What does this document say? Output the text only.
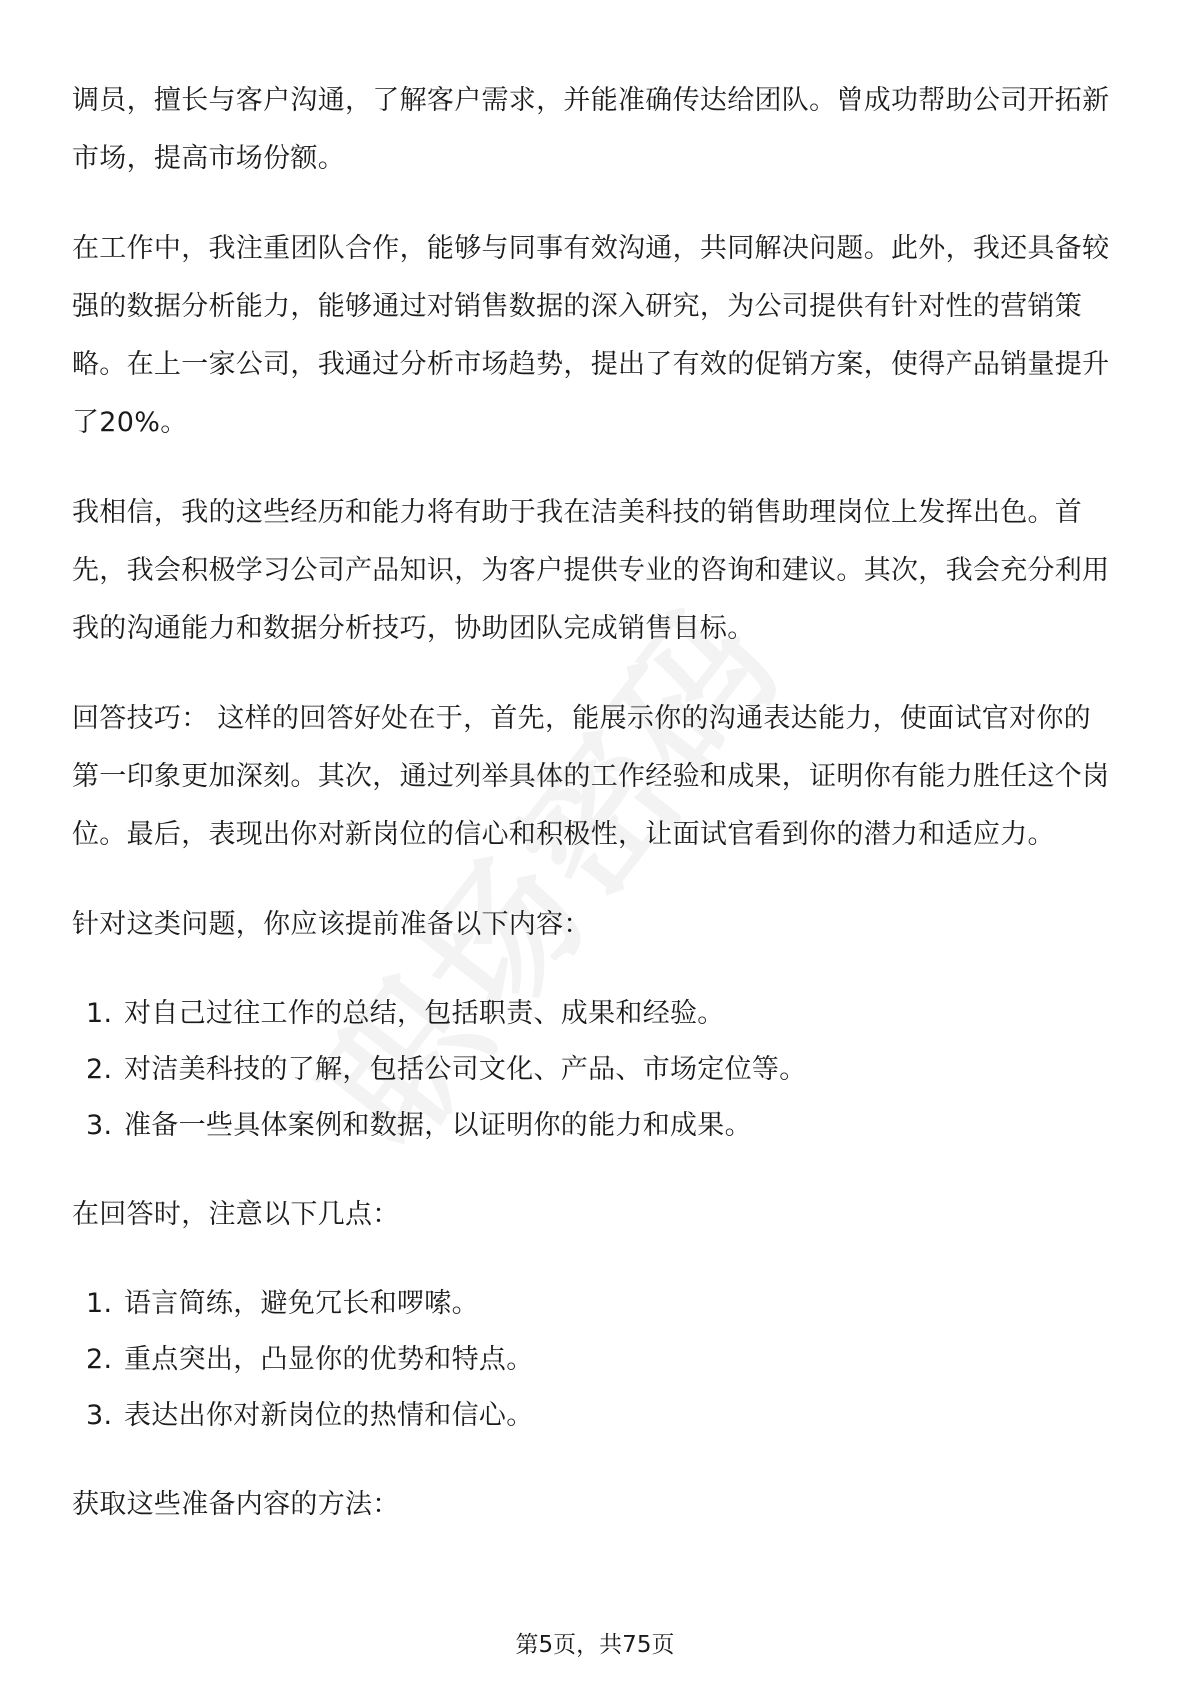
调员，擅长与客户沟通，了解客户需求，并能准确传达给团队。曾成功帮助公司开拓新市场，提高市场份额。

在工作中，我注重团队合作，能够与同事有效沟通，共同解决问题。此外，我还具备较强的数据分析能力，能够通过对销售数据的深入研究，为公司提供有针对性的营销策略。在上一家公司，我通过分析市场趋势，提出了有效的促销方案，使得产品销量提升了20%。

我相信，我的这些经历和能力将有助于我在洁美科技的销售助理岗位上发挥出色。首先，我会积极学习公司产品知识，为客户提供专业的咨询和建议。其次，我会充分利用我的沟通能力和数据分析技巧，协助团队完成销售目标。

回答技巧： 这样的回答好处在于，首先，能展示你的沟通表达能力，使面试官对你的第一印象更加深刻。其次，通过列举具体的工作经验和成果，证明你有能力胜任这个岗位。最后，表现出你对新岗位的信心和积极性，让面试官看到你的潜力和适应力。

针对这类问题，你应该提前准备以下内容：

1. 对自己过往工作的总结，包括职责、成果和经验。
2. 对洁美科技的了解，包括公司文化、产品、市场定位等。
3. 准备一些具体案例和数据，以证明你的能力和成果。

在回答时，注意以下几点：

1. 语言简练，避免冗长和啰嗦。
2. 重点突出，凸显你的优势和特点。
3. 表达出你对新岗位的热情和信心。

获取这些准备内容的方法：

第5页，共75页
